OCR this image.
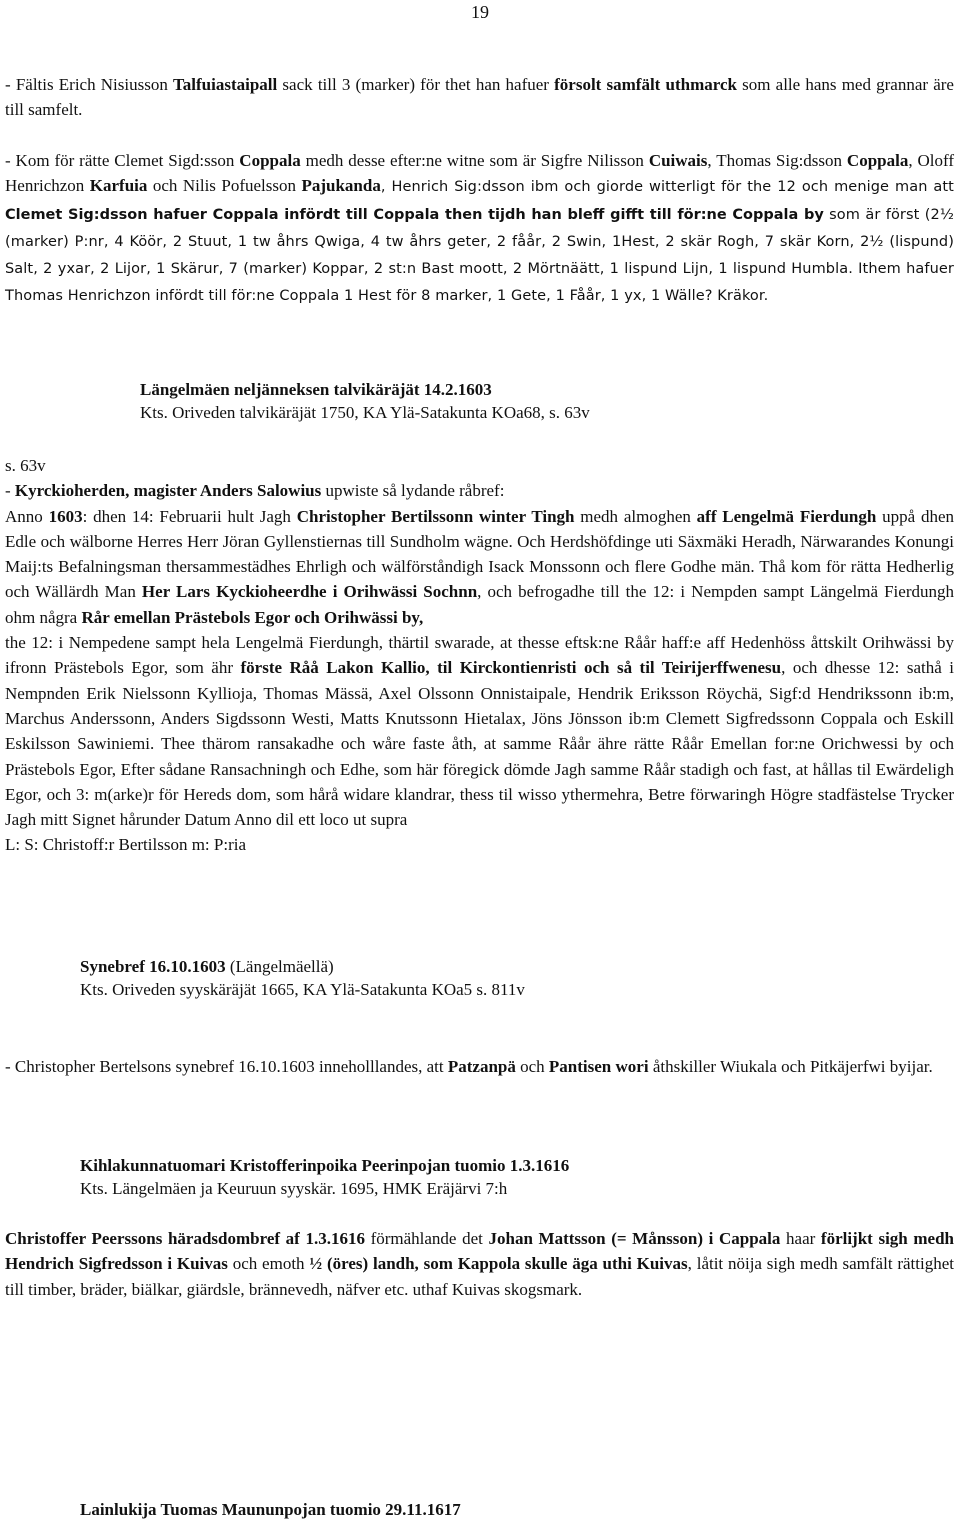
19

- Fältis Erich Nisiusson Talfuiastaipall sack till 3 (marker) för thet han hafuer försolt samfält uthmarck som alle hans med grannar äre till samfelt.

- Kom för rätte Clemet Sigd:sson Coppala medh desse efter:ne witne som är Sigfre Nilisson Cuiwais, Thomas Sig:dsson Coppala, Oloff Henrichzon Karfuia och Nilis Pofuelsson Pajukanda, Henrich Sig:dsson ibm och giorde witterligt för the 12 och menige man att Clemet Sig:dsson hafuer Coppala infördt till Coppala then tijdh han bleff gifft till för:ne Coppala by som är först (2½ (marker) P:nr, 4 Köör, 2 Stuut, 1 tw åhrs Qwiga, 4 tw åhrs geter, 2 fåår, 2 Swin, 1Hest, 2 skär Rogh, 7 skär Korn, 2½ (lispund) Salt, 2 yxar, 2 Lijor, 1 Skärur, 7 (marker) Koppar, 2 st:n Bast moott, 2 Mörtnäätt, 1 lispund Lijn, 1 lispund Humbla. Ithem hafuer Thomas Henrichzon infördt till för:ne Coppala 1 Hest för 8 marker, 1 Gete, 1 Fåår, 1 yx, 1 Wälle? Kräkor.

Längelmäen neljänneksen talvikäräjät 14.2.1603

Kts. Oriveden talvikäräjät 1750, KA Ylä-Satakunta KOa68, s. 63v

s. 63v

- Kyrckioherden, magister Anders Salowius upwiste så lydande råbref:

Anno 1603: dhen 14: Februarii hult Jagh Christopher Bertilssonn winter Tingh medh almoghen aff Lengelmä Fierdungh uppå dhen Edle och wälborne Herres Herr Jöran Gyllenstiernas till Sundholm wägne. Och Herdshöfdinge uti Säxmäki Heradh, Närwarandes Konungi Maij:ts Befalningsman thersammestädhes Ehrligh och wälförståndigh Isack Monssonn och flere Godhe män. Thå kom för rätta Hedherlig och Wällärdh Man Her Lars Kyckioheerdhe i Orihwässi Sochnn, och befrogadhe till the 12: i Nempden sampt Längelmä Fierdungh ohm några Rår emellan Prästebols Egor och Orihwässi by,

the 12: i Nempedene sampt hela Lengelmä Fierdungh, thärtil swarade, at thesse eftsk:ne Råår haff:e aff Hedenhöss åttskilt Orihwässi by ifronn Prästebols Egor, som ähr förste Råå Lakon Kallio, til Kirckontienristi och så til Teirijerffwenesu, och dhesse 12: sathå i Nempnden Erik Nielssonn Kyllioja, Thomas Mässä, Axel Olssonn Onnistaipale, Hendrik Eriksson Röychä, Sigf:d Hendrikssonn ib:m, Marchus Anderssonn, Anders Sigdssonn Westi, Matts Knutssonn Hietalax, Jöns Jönsson ib:m Clemett Sigfredssonn Coppala och Eskill Eskilsson Sawiniemi. Thee thärom ransakadhe och wåre faste åth, at samme Råår ähre rätte Råår Emellan for:ne Orichwessi by och Prästebols Egor, Efter sådane Ransachningh och Edhe, som här föregick dömde Jagh samme Råår stadigh och fast, at hållas til Ewärdeligh Egor, och 3: m(arke)r för Hereds dom, som hårå widare klandrar, thess til wisso ythermehra, Betre förwaringh Högre stadfästelse Trycker Jagh mitt Signet hårunder Datum Anno dil ett loco ut supra

L: S: Christoff:r Bertilsson m: P:ria

Synebref 16.10.1603 (Längelmäellä)

Kts. Oriveden syyskäräjät 1665, KA Ylä-Satakunta KOa5 s. 811v

- Christopher Bertelsons synebref 16.10.1603 inneholllandes, att Patzanpä och Pantisen wori åthskiller Wiukala och Pitkäjerfwi byijar.

Kihlakunnatuomari Kristofferinpoika Peerinpojan tuomio 1.3.1616

Kts. Längelmäen ja Keuruun syyskär. 1695, HMK Eräjärvi 7:h

Christoffer Peerssons häradsdombref af 1.3.1616 förmählande det Johan Mattsson (= Månsson) i Cappala haar förlijkt sigh medh Hendrich Sigfredsson i Kuivas och emoth ½ (öres) landh, som Kappola skulle äga uthi Kuivas, låtit nöija sigh medh samfält rättighet till timber, bräder, biälkar, giärdsle, brännevedh, näfver etc. uthaf Kuivas skogsmark.

Lainlukija Tuomas Maununpojan tuomio 29.11.1617
